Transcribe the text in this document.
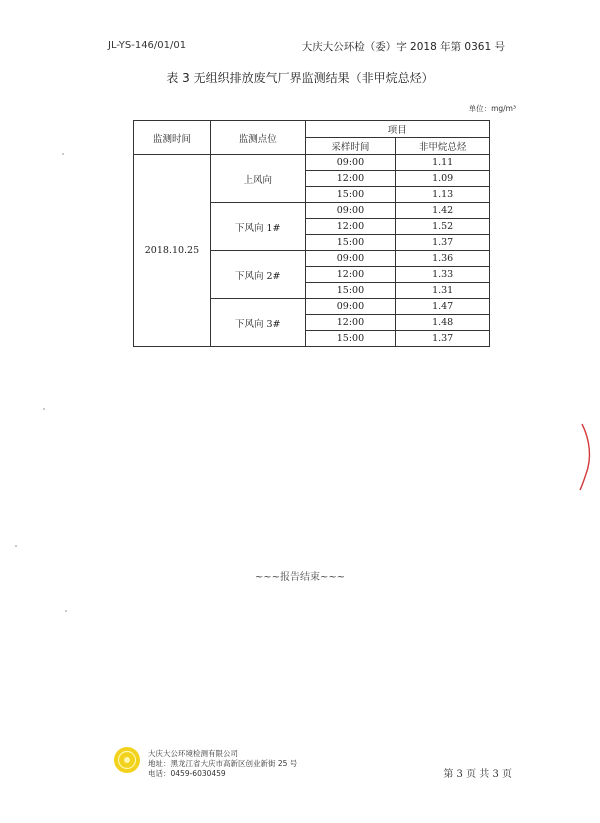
JL-YS-146/01/01	大庆大公环检（委）字 2018 年第 0361 号
表 3 无组织排放废气厂界监测结果（非甲烷总烃）
单位：mg/m³
监测时间	监测点位	项目	
		采样时间	非甲烷总烃
2018.10.25	上风向	09:00	1.11
		12:00	1.09
		15:00	1.13
	下风向 1#	09:00	1.42
		12:00	1.52
		15:00	1.37
	下风向 2#	09:00	1.36
		12:00	1.33
		15:00	1.31
	下风向 3#	09:00	1.47
		12:00	1.48
		15:00	1.37
~~~报告结束~~~
大庆大公环境检测有限公司
地址：黑龙江省大庆市高新区创业新街 25 号
电话：0459-6030459	第 3 页 共 3 页
